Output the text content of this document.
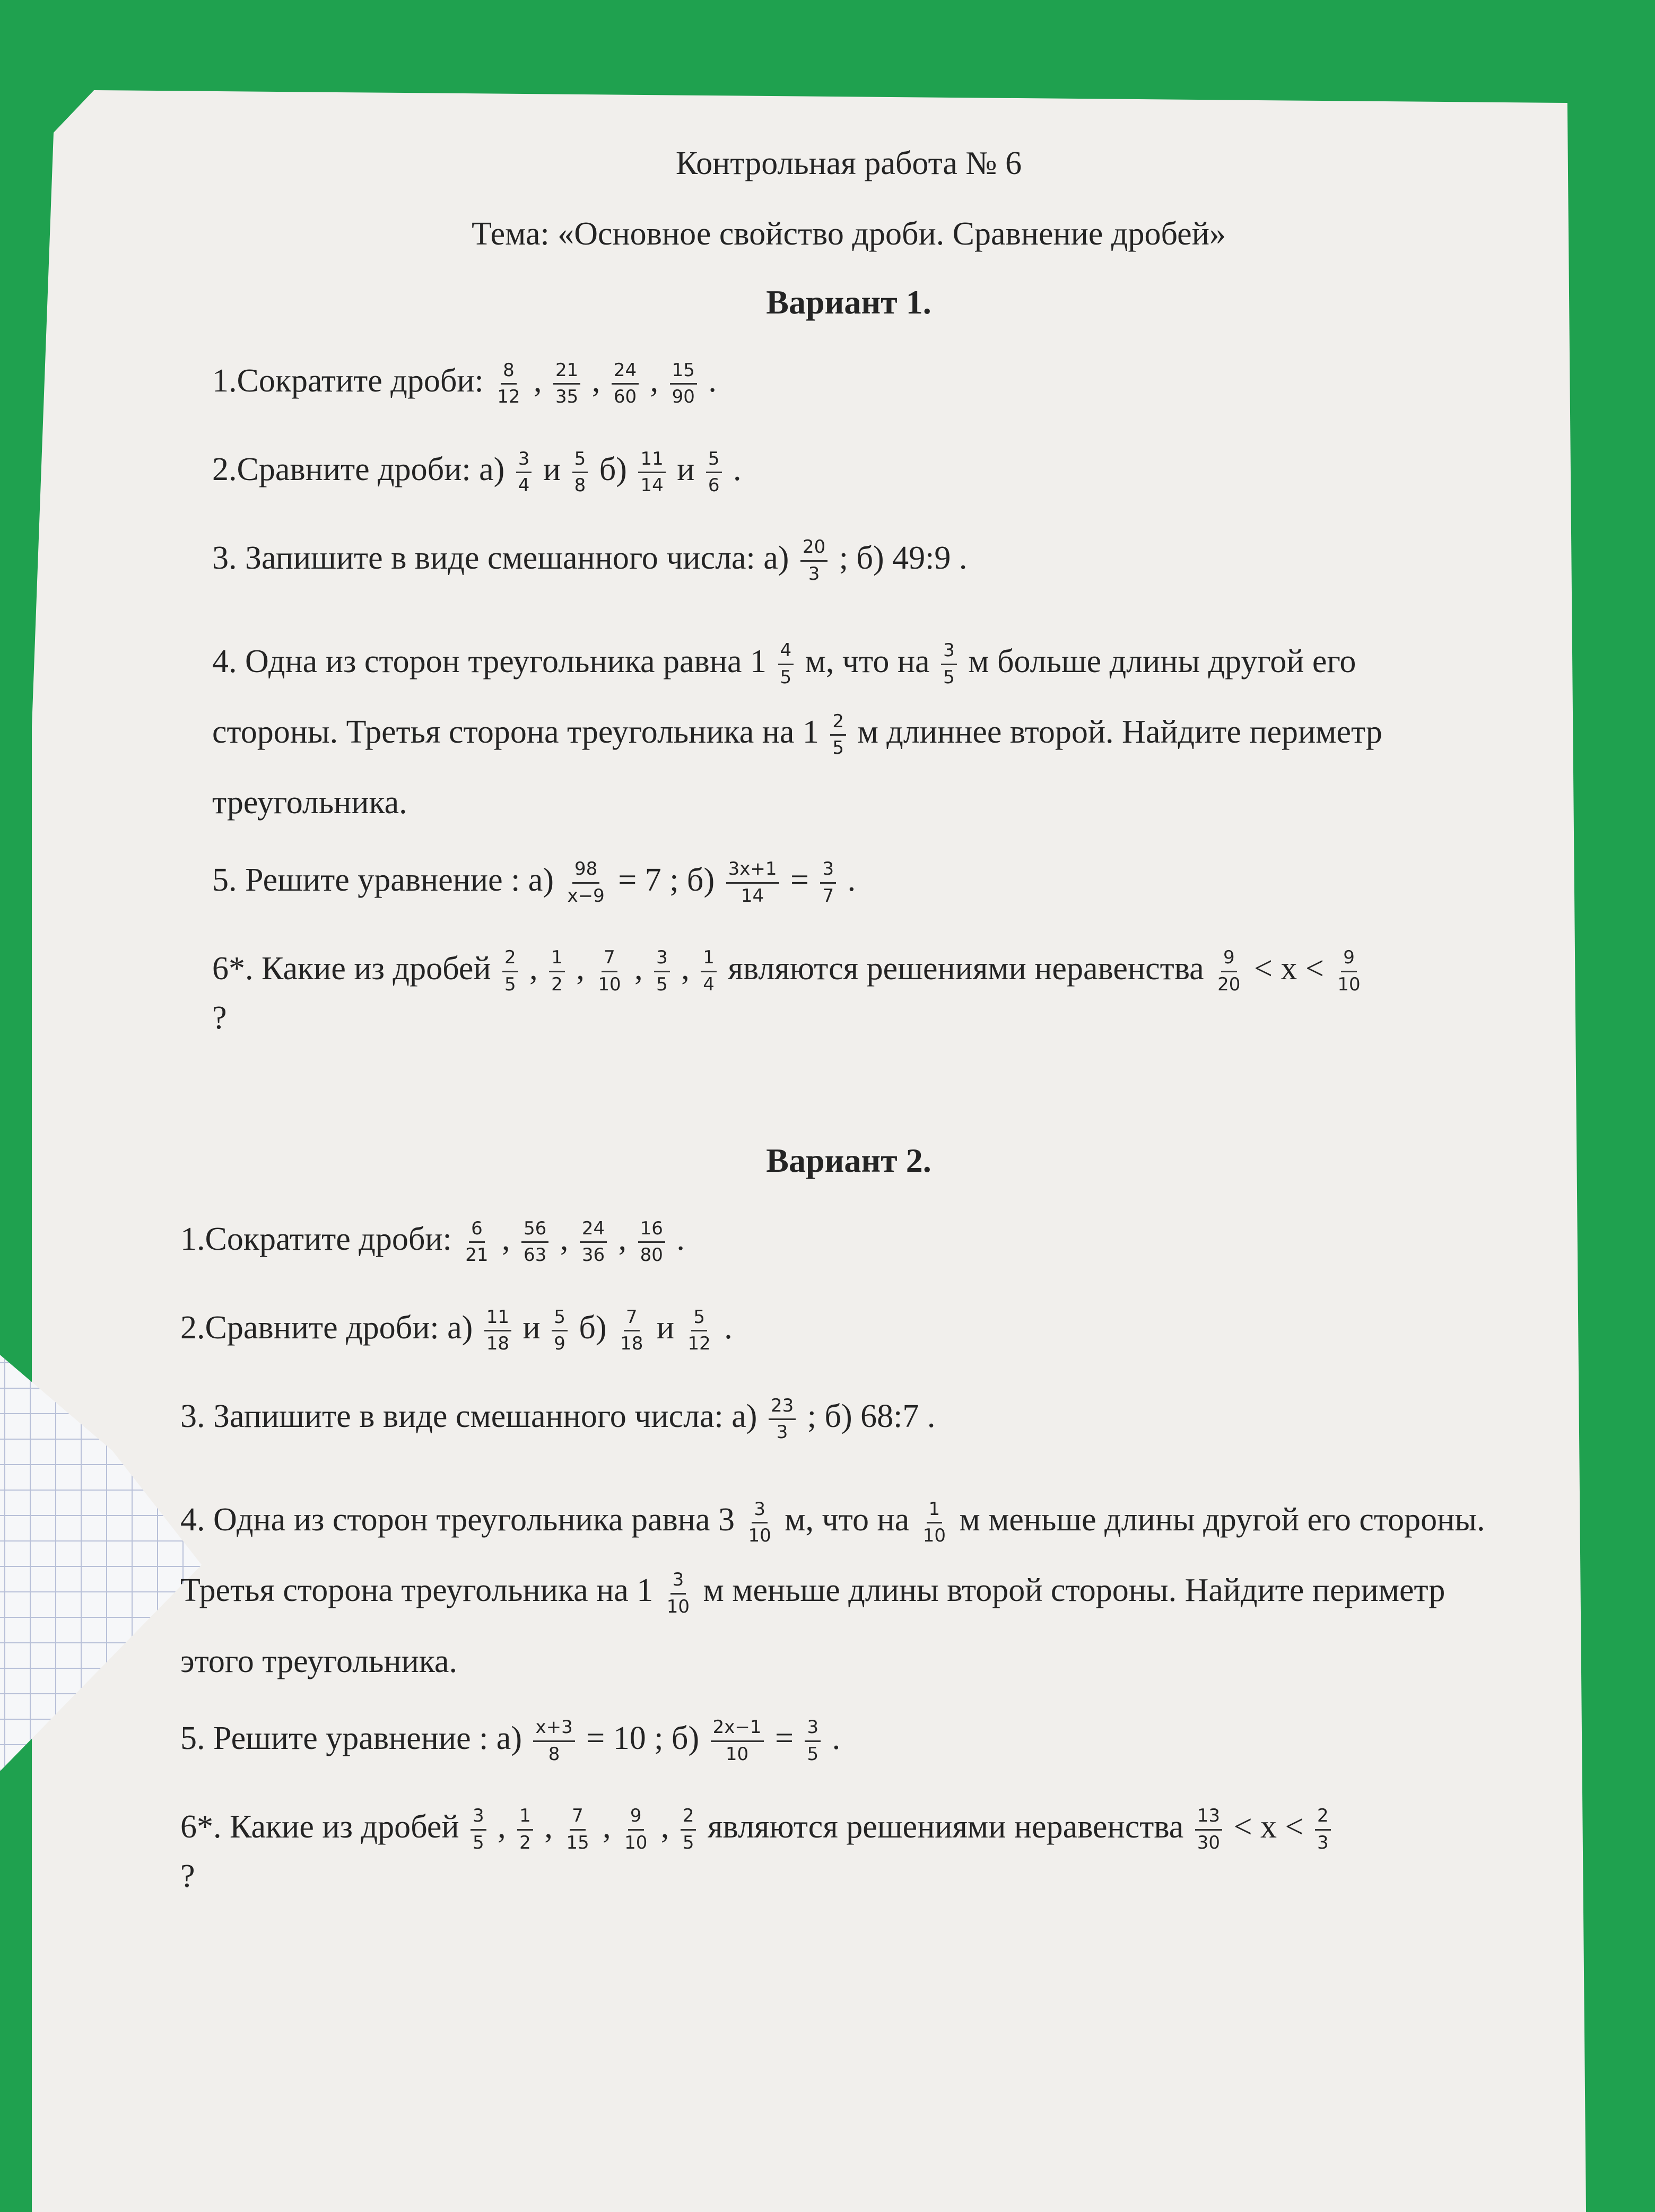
Контрольная работа № 6
Тема: «Основное свойство дроби. Сравнение дробей»
Вариант 1.
1.Сократите дроби: $\frac{8}{12}$ , $\frac{21}{35}$ , $\frac{24}{60}$ , $\frac{15}{90}$ .
2.Сравните дроби: $а) \frac{3}{4}$ и $\frac{5}{8} б) \frac{11}{14}$ и $\frac{5}{6}$ .
3. Запишите в виде смешанного числа: $а) \frac{20}{3}$ ; б) 49:9 .
4. Одна из сторон треугольника равна $1 \frac{4}{5} м$, что на $\frac{3}{5}$ м больше длины другой его стороны. Третья сторона треугольника на $1 \frac{2}{5}$ м длиннее второй. Найдите периметр треугольника.
5. Решите уравнение : $а) \frac{98}{x-9} = 7$ ; $б) \frac{3x+1}{14} = \frac{3}{7}$ .
6*. Какие из дробей $\frac{2}{5}$ , $\frac{1}{2}$ , $\frac{7}{10}$ , $\frac{3}{5}$ , $\frac{1}{4}$ являются решениями неравенства $\frac{9}{20} < x < \frac{9}{10}$
?
Вариант 2.
1.Сократите дроби: $\frac{6}{21}$ , $\frac{56}{63}$ , $\frac{24}{36}$ , $\frac{16}{80}$ .
2.Сравните дроби: $а) \frac{11}{18}$ и $\frac{5}{9} б) \frac{7}{18}$ и $\frac{5}{12}$ .
3. Запишите в виде смешанного числа: $а) \frac{23}{3}$ ; б) 68:7 .
4. Одна из сторон треугольника равна $3 \frac{3}{10} м$, что на $\frac{1}{10}$ м меньше длины другой его стороны. Третья сторона треугольника на $1 \frac{3}{10}$ м меньше длины второй стороны. Найдите периметр этого треугольника.
5. Решите уравнение : $а) \frac{x+3}{8} = 10$ ; $б) \frac{2x-1}{10} = \frac{3}{5}$ .
6*. Какие из дробей $\frac{3}{5}$ , $\frac{1}{2}$ , $\frac{7}{15}$ , $\frac{9}{10}$ , $\frac{2}{5}$ являются решениями неравенства $\frac{13}{30} < x < \frac{2}{3}$
?
